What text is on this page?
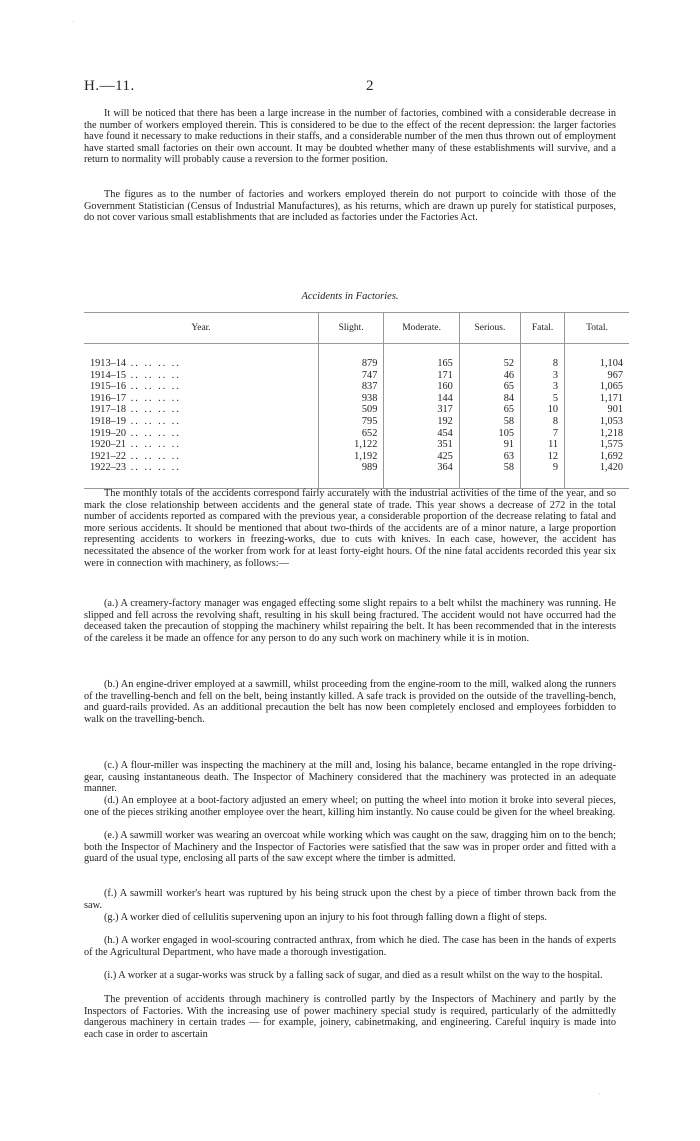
·
·
H.—11.	2

It will be noticed that there has been a large increase in the number of factories, combined with a considerable decrease in the number of workers employed therein. This is considered to be due to the effect of the recent depression: the larger factories have found it necessary to make reductions in their staffs, and a considerable number of the men thus thrown out of employment have started small factories on their own account. It may be doubted whether many of these establishments will survive, and a return to normality will probably cause a reversion to the former position.

The figures as to the number of factories and workers employed therein do not purport to coincide with those of the Government Statistician (Census of Industrial Manufactures), as his returns, which are drawn up purely for statistical purposes, do not cover various small establishments that are included as factories under the Factories Act.

Accidents in Factories.
Year.	Slight.	Moderate.	Serious.	Fatal.	Total.
1913–14 .. .. .. ..	879	165	52	8	1,104
1914–15 .. .. .. ..	747	171	46	3	967
1915–16 .. .. .. ..	837	160	65	3	1,065
1916–17 .. .. .. ..	938	144	84	5	1,171
1917–18 .. .. .. ..	509	317	65	10	901
1918–19 .. .. .. ..	795	192	58	8	1,053
1919–20 .. .. .. ..	652	454	105	7	1,218
1920–21 .. .. .. ..	1,122	351	91	11	1,575
1921–22 .. .. .. ..	1,192	425	63	12	1,692
1922–23 .. .. .. ..	989	364	58	9	1,420

The monthly totals of the accidents correspond fairly accurately with the industrial activities of the time of the year, and so mark the close relationship between accidents and the general state of trade. This year shows a decrease of 272 in the total number of accidents reported as compared with the previous year, a considerable proportion of the decrease relating to fatal and more serious accidents. It should be mentioned that about two-thirds of the accidents are of a minor nature, a large proportion representing accidents to workers in freezing-works, due to cuts with knives. In each case, however, the accident has necessitated the absence of the worker from work for at least forty-eight hours. Of the nine fatal accidents recorded this year six were in connection with machinery, as follows:—

(a.) A creamery-factory manager was engaged effecting some slight repairs to a belt whilst the machinery was running. He slipped and fell across the revolving shaft, resulting in his skull being fractured. The accident would not have occurred had the deceased taken the precaution of stopping the machinery whilst repairing the belt. It has been recommended that in the interests of the careless it be made an offence for any person to do any such work on machinery while it is in motion.

(b.) An engine-driver employed at a sawmill, whilst proceeding from the engine-room to the mill, walked along the runners of the travelling-bench and fell on the belt, being instantly killed. A safe track is provided on the outside of the travelling-bench, and guard-rails provided. As an additional precaution the belt has now been completely enclosed and employees forbidden to walk on the travelling-bench.

(c.) A flour-miller was inspecting the machinery at the mill and, losing his balance, became entangled in the rope driving-gear, causing instantaneous death. The Inspector of Machinery considered that the machinery was protected in an adequate manner.

(d.) An employee at a boot-factory adjusted an emery wheel; on putting the wheel into motion it broke into several pieces, one of the pieces striking another employee over the heart, killing him instantly. No cause could be given for the wheel breaking.

(e.) A sawmill worker was wearing an overcoat while working which was caught on the saw, dragging him on to the bench; both the Inspector of Machinery and the Inspector of Factories were satisfied that the saw was in proper order and fitted with a guard of the usual type, enclosing all parts of the saw except where the timber is admitted.

(f.) A sawmill worker's heart was ruptured by his being struck upon the chest by a piece of timber thrown back from the saw.

(g.) A worker died of cellulitis supervening upon an injury to his foot through falling down a flight of steps.

(h.) A worker engaged in wool-scouring contracted anthrax, from which he died. The case has been in the hands of experts of the Agricultural Department, who have made a thorough investigation.

(i.) A worker at a sugar-works was struck by a falling sack of sugar, and died as a result whilst on the way to the hospital.

The prevention of accidents through machinery is controlled partly by the Inspectors of Machinery and partly by the Inspectors of Factories. With the increasing use of power machinery special study is required, particularly of the admittedly dangerous machinery in certain trades — for example, joinery, cabinetmaking, and engineering. Careful inquiry is made into each case in order to ascertain
